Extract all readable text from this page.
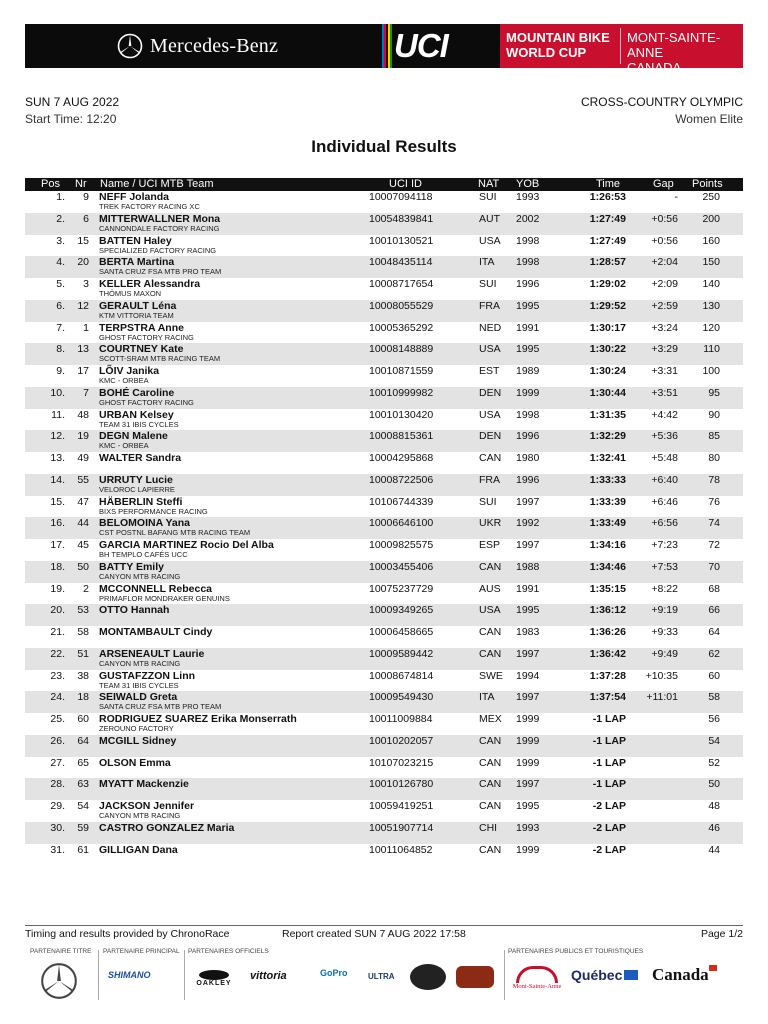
Mercedes-Benz	UCI	MOUNTAIN BIKE
WORLD CUP
MONT-SAINTE-ANNE
CANADA
SUN 7 AUG 2022
Start Time: 12:20
CROSS-COUNTRY OLYMPIC
Women Elite
Individual Results
Pos Nr Name / UCI MTB Team	UCI ID	NAT YOB	Time	Gap Points
1. 9 NEFF Jolanda
TREK FACTORY RACING XC
10007094118	SUI 1993	1:26:53	- 250
2. 6 MITTERWALLNER Mona
CANNONDALE FACTORY RACING
10054839841	AUT 2002	1:27:49 +0:56 200
3. 15 BATTEN Haley
SPECIALIZED FACTORY RACING
10010130521	USA 1998	1:27:49 +0:56 160
4. 20 BERTA Martina
SANTA CRUZ FSA MTB PRO TEAM
10048435114	ITA 1998	1:28:57 +2:04 150
5. 3 KELLER Alessandra
THÖMUS MAXON
10008717654	SUI 1996	1:29:02 +2:09 140
6. 12 GERAULT Léna
KTM VITTORIA TEAM
10008055529	FRA 1995	1:29:52 +2:59 130
7. 1 TERPSTRA Anne
GHOST FACTORY RACING
10005365292	NED 1991	1:30:17 +3:24 120
8. 13 COURTNEY Kate
SCOTT-SRAM MTB RACING TEAM
10008148889	USA 1995	1:30:22 +3:29 110
9. 17 LÕIV Janika
KMC - ORBEA
10010871559	EST 1989	1:30:24 +3:31 100
10. 7 BOHÉ Caroline
GHOST FACTORY RACING
10010999982	DEN 1999	1:30:44 +3:51	95
11. 48 URBAN Kelsey
TEAM 31 IBIS CYCLES
10010130420	USA 1998	1:31:35 +4:42	90
12. 19 DEGN Malene
KMC - ORBEA
10008815361	DEN 1996	1:32:29 +5:36	85
13. 49 WALTER Sandra	10004295868	CAN 1980	1:32:41 +5:48	80
14. 55 URRUTY Lucie
VELOROC LAPIERRE
10008722506	FRA 1996	1:33:33 +6:40	78
15. 47 HÄBERLIN Steffi
BIXS PERFORMANCE RACING
10106744339	SUI 1997	1:33:39 +6:46	76
16. 44 BELOMOINA Yana
CST POSTNL BAFANG MTB RACING TEAM
10006646100	UKR 1992	1:33:49 +6:56	74
17. 45 GARCIA MARTINEZ Rocio Del Alba
BH TEMPLO CAFÉS UCC
10009825575	ESP 1997	1:34:16 +7:23	72
18. 50 BATTY Emily
CANYON MTB RACING
10003455406	CAN 1988	1:34:46 +7:53	70
19. 2 MCCONNELL Rebecca
PRIMAFLOR MONDRAKER GENUINS
10075237729	AUS 1991	1:35:15 +8:22	68
20. 53 OTTO Hannah	10009349265	USA 1995	1:36:12 +9:19	66
21. 58 MONTAMBAULT Cindy	10006458665	CAN 1983	1:36:26 +9:33	64
22. 51 ARSENEAULT Laurie
CANYON MTB RACING
10009589442	CAN 1997	1:36:42 +9:49	62
23. 38 GUSTAFZZON Linn
TEAM 31 IBIS CYCLES
10008674814	SWE 1994	1:37:28 +10:35	60
24. 18 SEIWALD Greta
SANTA CRUZ FSA MTB PRO TEAM
10009549430	ITA 1997	1:37:54 +11:01	58
25. 60 RODRIGUEZ SUAREZ Erika Monserrath
ZEROUNO FACTORY
10011009884	MEX 1999	-1 LAP	56
26. 64 MCGILL Sidney	10010202057	CAN 1999	-1 LAP	54
27. 65 OLSON Emma	10107023215	CAN 1999	-1 LAP	52
28. 63 MYATT Mackenzie	10010126780	CAN 1997	-1 LAP	50
29. 54 JACKSON Jennifer
CANYON MTB RACING
10059419251	CAN 1995	-2 LAP	48
30. 59 CASTRO GONZALEZ Maria	10051907714	CHI 1993	-2 LAP	46
31. 61 GILLIGAN Dana	10011064852	CAN 1999	-2 LAP	44
Timing and results provided by ChronoRace	Report created SUN 7 AUG 2022 17:58	Page 1/2
PARTENAIRE TITRE PARTENAIRE PRINCIPAL PARTENAIRES OFFICIELS	PARTENAIRES PUBLICS ET TOURISTIQUES
SHIMANO
OAKLEY
vittoria	GoPro	ULTRA
Mont-Sainte-Anne
Québec	Canada
